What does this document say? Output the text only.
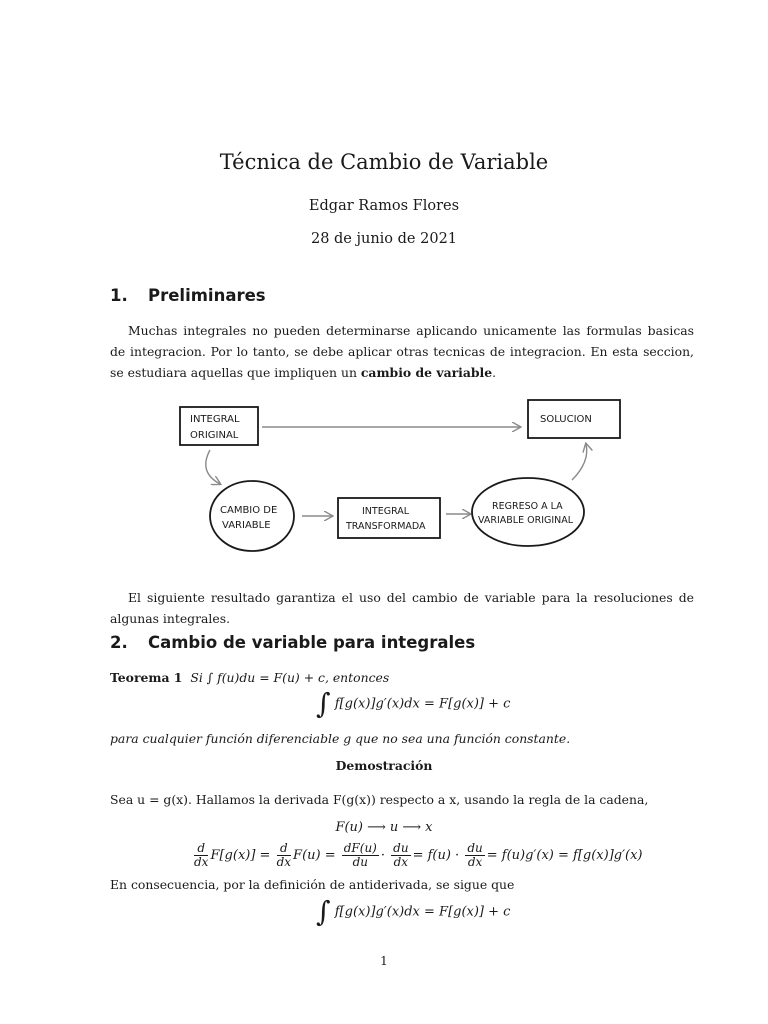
Técnica de Cambio de Variable
Edgar Ramos Flores
28 de junio de 2021
1. Preliminares
Muchas integrales no pueden determinarse aplicando unicamente las formulas basicas de integracion. Por lo tanto, se debe aplicar otras tecnicas de integracion. En esta seccion, se estudiara aquellas que impliquen un cambio de variable.
INTEGRAL
ORIGINAL
SOLUCION
CAMBIO DE
VARIABLE
INTEGRAL
TRANSFORMADA
REGRESO A LA
VARIABLE ORIGINAL
El siguiente resultado garantiza el uso del cambio de variable para la resoluciones de algunas integrales.
2. Cambio de variable para integrales
Teorema 1 Si ∫ f(u)du = F(u) + c, entonces
∫ f[g(x)]g′(x)dx = F[g(x)] + c
para cualquier función diferenciable g que no sea una función constante.
Demostración
Sea u = g(x). Hallamos la derivada F(g(x)) respecto a x, usando la regla de la cadena,
F(u) ⟶ u ⟶ x
$\frac{d}{dx} F[g(x)] = \frac{d}{dx} F(u) = \frac{dF(u)}{du} \cdot \frac{du}{dx} = f(u) \cdot \frac{du}{dx} = f(u)g'(x) = f[g(x)]g'(x)$
En consecuencia, por la definición de antiderivada, se sigue que
∫ f[g(x)]g′(x)dx = F[g(x)] + c
1
